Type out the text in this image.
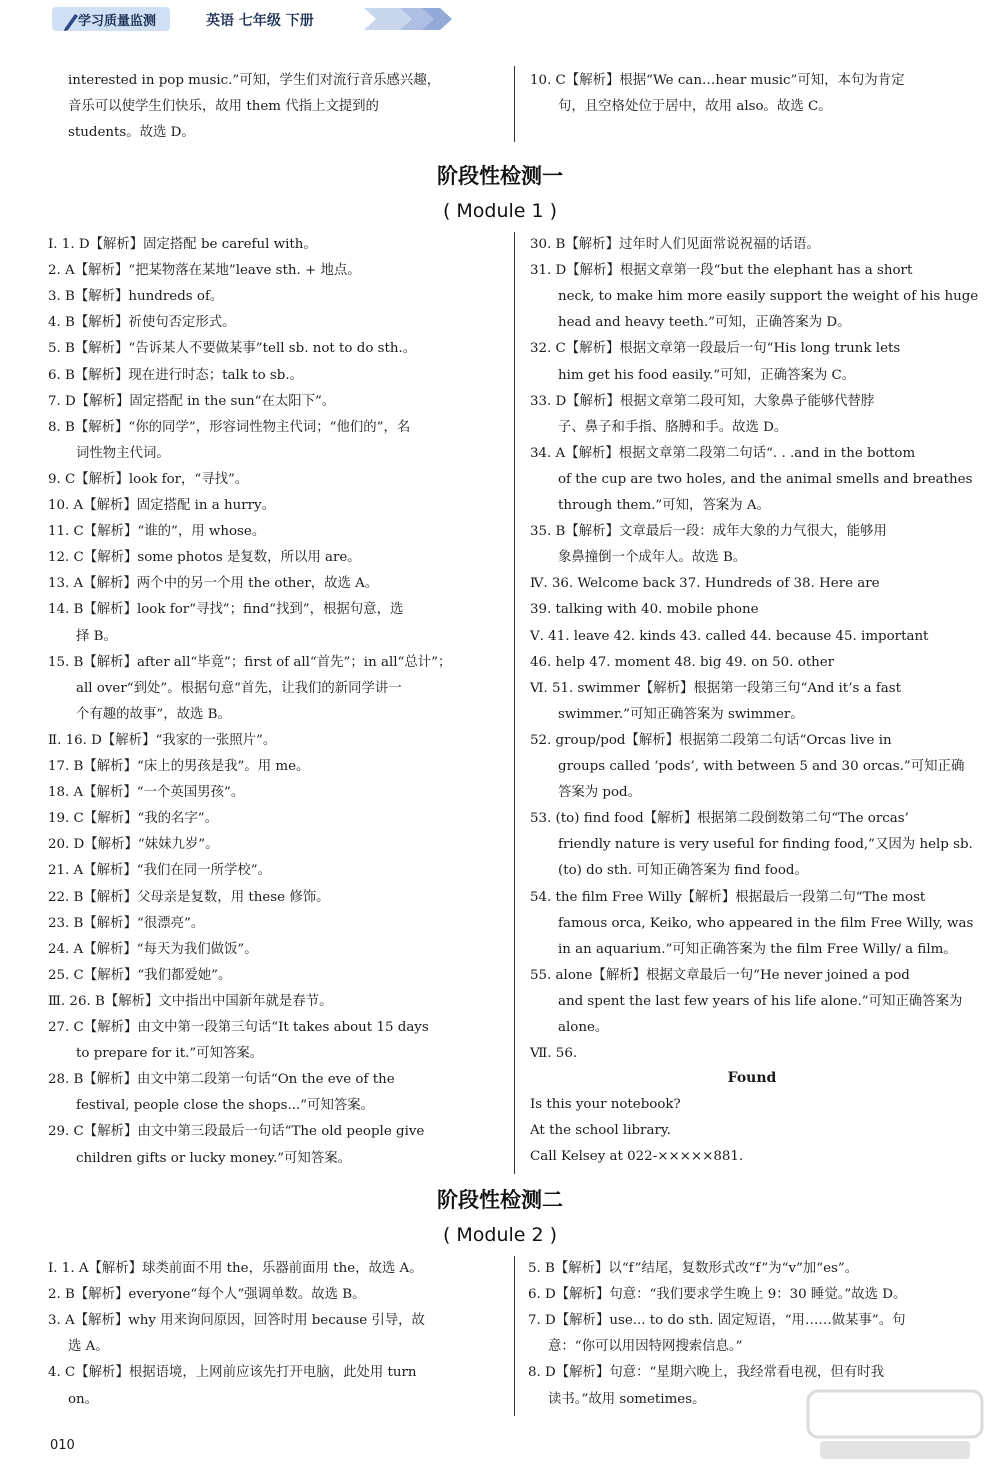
学习质量监测	英语 七年级 下册
interested in pop music.”可知，学生们对流行音乐感兴趣，
音乐可以使学生们快乐，故用 them 代指上文提到的
students。故选 D。
10. C【解析】根据“We can…hear music”可知，本句为肯定
句，且空格处位于居中，故用 also。故选 C。
阶段性检测一
( Module 1 )
Ⅰ. 1. D【解析】固定搭配 be careful with。
2. A【解析】“把某物落在某地”leave sth. + 地点。
3. B【解析】hundreds of。
4. B【解析】祈使句否定形式。
5. B【解析】“告诉某人不要做某事”tell sb. not to do sth.。
6. B【解析】现在进行时态；talk to sb.。
7. D【解析】固定搭配 in the sun“在太阳下”。
8. B【解析】“你的同学”，形容词性物主代词；“他们的”，名
词性物主代词。
9. C【解析】look for，“寻找”。
10. A【解析】固定搭配 in a hurry。
11. C【解析】“谁的”，用 whose。
12. C【解析】some photos 是复数，所以用 are。
13. A【解析】两个中的另一个用 the other，故选 A。
14. B【解析】look for“寻找”；find“找到”，根据句意，选
择 B。
15. B【解析】after all“毕竟”；first of all“首先”；in all“总计”；
all over“到处”。根据句意“首先，让我们的新同学讲一
个有趣的故事”，故选 B。
Ⅱ. 16. D【解析】“我家的一张照片”。
17. B【解析】“床上的男孩是我”。用 me。
18. A【解析】“一个英国男孩”。
19. C【解析】“我的名字”。
20. D【解析】“妹妹九岁”。
21. A【解析】“我们在同一所学校”。
22. B【解析】父母亲是复数，用 these 修饰。
23. B【解析】“很漂亮”。
24. A【解析】“每天为我们做饭”。
25. C【解析】“我们都爱她”。
Ⅲ. 26. B【解析】文中指出中国新年就是春节。
27. C【解析】由文中第一段第三句话“It takes about 15 days
to prepare for it.”可知答案。
28. B【解析】由文中第二段第一句话“On the eve of the
festival, people close the shops...”可知答案。
29. C【解析】由文中第三段最后一句话“The old people give
children gifts or lucky money.”可知答案。
30. B【解析】过年时人们见面常说祝福的话语。
31. D【解析】根据文章第一段“but the elephant has a short
neck, to make him more easily support the weight of his huge
head and heavy teeth.”可知，正确答案为 D。
32. C【解析】根据文章第一段最后一句“His long trunk lets
him get his food easily.”可知，正确答案为 C。
33. D【解析】根据文章第二段可知，大象鼻子能够代替脖
子、鼻子和手指、胳膊和手。故选 D。
34. A【解析】根据文章第二段第二句话“. . .and in the bottom
of the cup are two holes, and the animal smells and breathes
through them.”可知，答案为 A。
35. B【解析】文章最后一段：成年大象的力气很大，能够用
象鼻撞倒一个成年人。故选 B。
Ⅳ. 36. Welcome back 37. Hundreds of 38. Here are
39. talking with 40. mobile phone
Ⅴ. 41. leave 42. kinds 43. called 44. because 45. important
46. help 47. moment 48. big 49. on 50. other
Ⅵ. 51. swimmer【解析】根据第一段第三句“And it’s a fast
swimmer.”可知正确答案为 swimmer。
52. group/pod【解析】根据第二段第二句话“Orcas live in
groups called ‘pods’, with between 5 and 30 orcas.”可知正确
答案为 pod。
53. (to) find food【解析】根据第二段倒数第二句“The orcas’
friendly nature is very useful for finding food,”又因为 help sb.
(to) do sth. 可知正确答案为 find food。
54. the film Free Willy【解析】根据最后一段第二句“The most
famous orca, Keiko, who appeared in the film Free Willy, was
in an aquarium.”可知正确答案为 the film Free Willy/ a film。
55. alone【解析】根据文章最后一句“He never joined a pod
and spent the last few years of his life alone.”可知正确答案为
alone。
Ⅶ. 56.
Found
Is this your notebook?
At the school library.
Call Kelsey at 022-×××××881.
阶段性检测二
( Module 2 )
Ⅰ. 1. A【解析】球类前面不用 the，乐器前面用 the，故选 A。
2. B【解析】everyone“每个人”强调单数。故选 B。
3. A【解析】why 用来询问原因，回答时用 because 引导，故
选 A。
4. C【解析】根据语境，上网前应该先打开电脑，此处用 turn
on。
5. B【解析】以“f”结尾，复数形式改“f”为“v”加“es”。
6. D【解析】句意：“我们要求学生晚上 9：30 睡觉。”故选 D。
7. D【解析】use... to do sth. 固定短语，“用……做某事”。句
意：“你可以用因特网搜索信息。”
8. D【解析】句意：“星期六晚上，我经常看电视，但有时我
读书。”故用 sometimes。
010
